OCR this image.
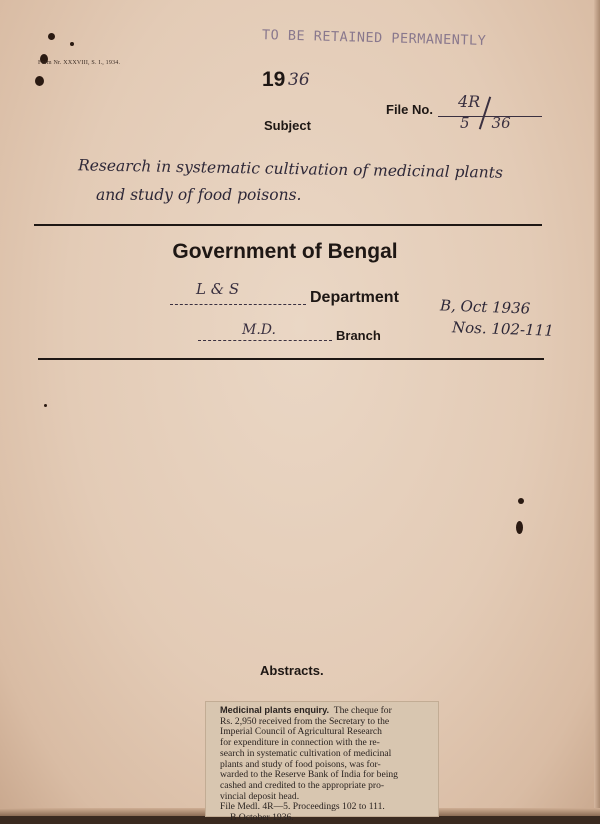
Form Nr. XXXVIII, S. I., 1934.
TO BE RETAINED PERMANENTLY
19 36
Subject
File No. 4R
5 36
Research in systematic cultivation of medicinal plants
and study of food poisons.
Government of Bengal
L & S	Department
M.D.	Branch
B, Oct 1936
Nos. 102-111
Abstracts.
Medicinal plants enquiry. The cheque for
Rs. 2,950 received from the Secretary to the
Imperial Council of Agricultural Research
for expenditure in connection with the re-
search in systematic cultivation of medicinal
plants and study of food poisons, was for-
warded to the Reserve Bank of India for being
cashed and credited to the appropriate pro-
vincial deposit head.
File Medl. 4R—5. Proceedings 102 to 111.
B October 1936.
